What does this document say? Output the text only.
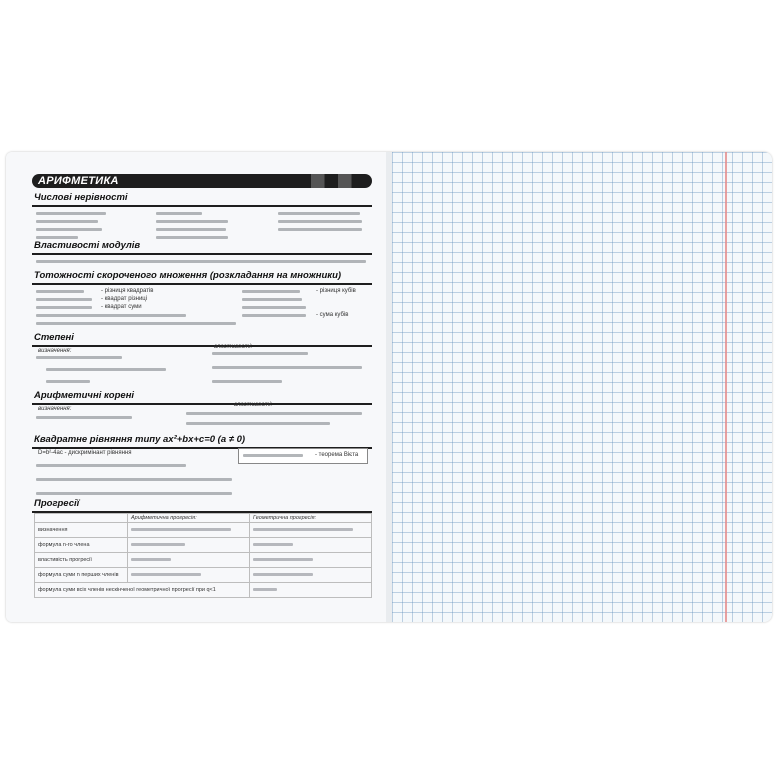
АРИФМЕТИКА
Числові нерівності
Властивості модулів
Тотожності скороченого множення (розкладання на множники)
- різниця квадратів
- квадрат різниці
- квадрат суми
- різниця кубів
- сума кубів
Степені
визначення:
властивості:
Арифметичні корені
визначення:
властивості:
Квадратне рівняння типу ax²+bx+c=0 (a ≠ 0)
D=b²-4ac - дискримінант рівняння	- теорема Вієта
Прогресії
	Арифметична прогресія:	Геометрична прогресія:
визначення		
формула n-го члена		
властивість прогресії		
формула суми n перших членів		
формула суми всіх членів нескінченої геометричної прогресії при q<1		
